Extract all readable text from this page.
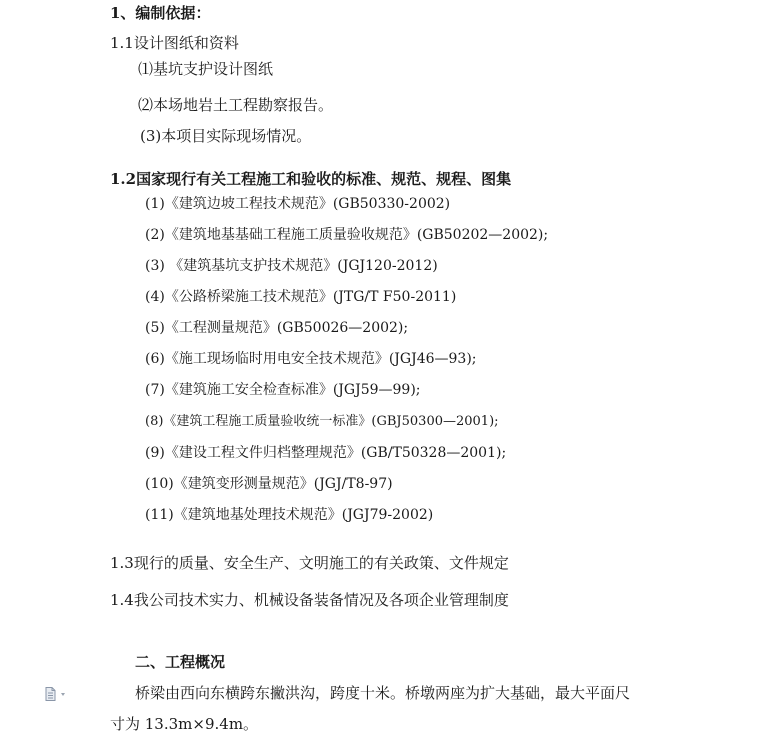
1、编制依据：
1.1设计图纸和资料
⑴基坑支护设计图纸
⑵本场地岩土工程勘察报告。
(3)本项目实际现场情况。
1.2国家现行有关工程施工和验收的标准、规范、规程、图集
(1)《建筑边坡工程技术规范》(GB50330-2002)
(2)《建筑地基基础工程施工质量验收规范》(GB50202—2002);
(3) 《建筑基坑支护技术规范》(JGJ120-2012)
(4)《公路桥梁施工技术规范》(JTG/T F50-2011)
(5)《工程测量规范》(GB50026—2002);
(6)《施工现场临时用电安全技术规范》(JGJ46—93);
(7)《建筑施工安全检查标准》(JGJ59—99);
(8)《建筑工程施工质量验收统一标准》(GBJ50300—2001);
(9)《建设工程文件归档整理规范》(GB/T50328—2001);
(10)《建筑变形测量规范》(JGJ/T8-97)
(11)《建筑地基处理技术规范》(JGJ79-2002)
1.3现行的质量、安全生产、文明施工的有关政策、文件规定
1.4我公司技术实力、机械设备装备情况及各项企业管理制度
二、工程概况
桥梁由西向东横跨东撇洪沟，跨度十米。桥墩两座为扩大基础，最大平面尺
寸为 13.3m×9.4m。
